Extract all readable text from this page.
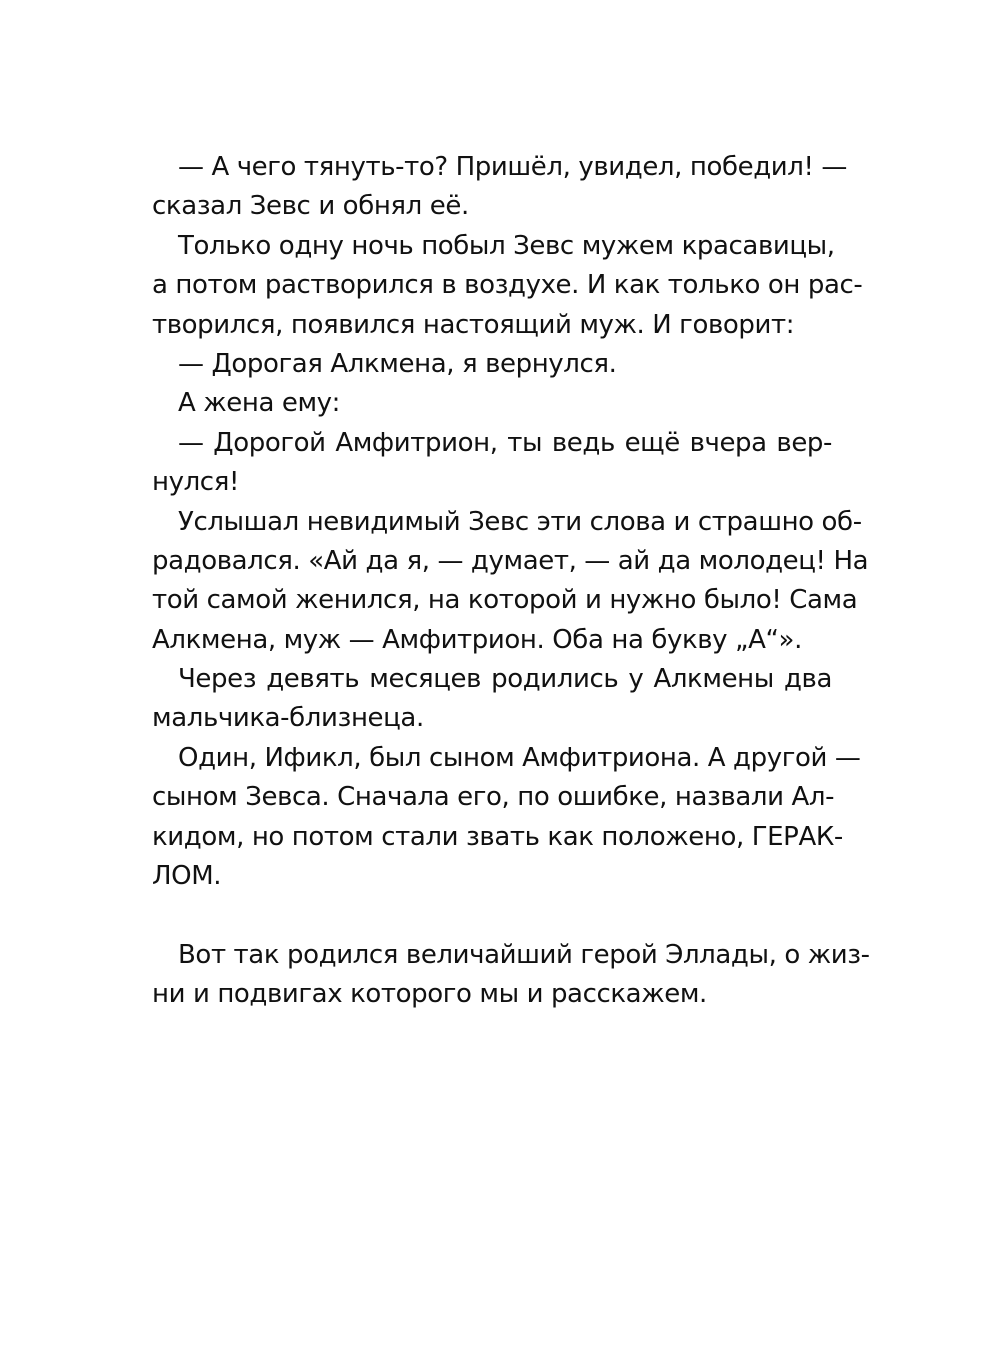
— А чего тянуть-то? Пришёл, увидел, победил! —
сказал Зевс и обнял её.
Только одну ночь побыл Зевс мужем красавицы,
а потом растворился в воздухе. И как только он рас-
творился, появился настоящий муж. И говорит:
— Дорогая Алкмена, я вернулся.
А жена ему:
— Дорогой Амфитрион, ты ведь ещё вчера вер-
нулся!
Услышал невидимый Зевс эти слова и страшно об-
радовался. «Ай да я, — думает, — ай да молодец! На
той самой женился, на которой и нужно было! Сама
Алкмена, муж — Амфитрион. Оба на букву „А“».
Через девять месяцев родились у Алкмены два
мальчика-близнеца.
Один, Ификл, был сыном Амфитриона. А другой —
сыном Зевса. Сначала его, по ошибке, назвали Ал-
кидом, но потом стали звать как положено, ГЕРАК-
ЛОМ.
Вот так родился величайший герой Эллады, о жиз-
ни и подвигах которого мы и расскажем.
